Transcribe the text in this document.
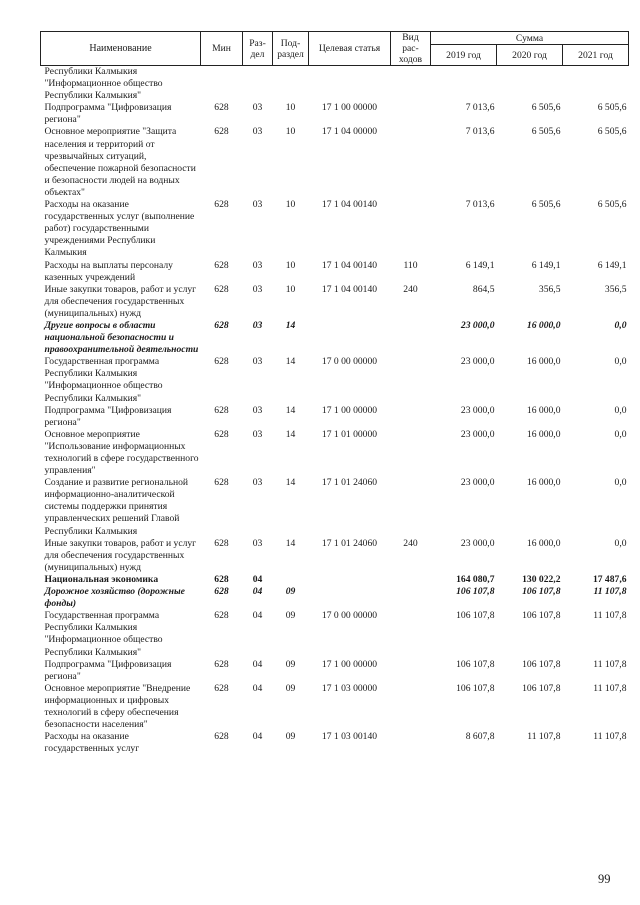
Наименование	Мин	Раз-дел	Под-раздел	Целевая статья	Вид рас-ходов	Сумма		
						2019 год	2020 год	2021 год
Республики Калмыкия "Информационное общество Республики Калмыкия"								
Подпрограмма "Цифровизация региона"	628	03	10	17 1 00 00000		7 013,6	6 505,6	6 505,6
Основное мероприятие "Защита населения и территорий от чрезвычайных ситуаций, обеспечение пожарной безопасности и безопасности людей на водных объектах"	628	03	10	17 1 04 00000		7 013,6	6 505,6	6 505,6
Расходы на оказание государственных услуг (выполнение работ) государственными учреждениями Республики Калмыкия	628	03	10	17 1 04 00140		7 013,6	6 505,6	6 505,6
Расходы на выплаты персоналу казенных учреждений	628	03	10	17 1 04 00140	110	6 149,1	6 149,1	6 149,1
Иные закупки товаров, работ и услуг для обеспечения государственных (муниципальных) нужд	628	03	10	17 1 04 00140	240	864,5	356,5	356,5
Другие вопросы в области национальной безопасности и правоохранительной деятельности	628	03	14			23 000,0	16 000,0	0,0
Государственная программа Республики Калмыкия "Информационное общество Республики Калмыкия"	628	03	14	17 0 00 00000		23 000,0	16 000,0	0,0
Подпрограмма "Цифровизация региона"	628	03	14	17 1 00 00000		23 000,0	16 000,0	0,0
Основное мероприятие "Использование информационных технологий в сфере государственного управления"	628	03	14	17 1 01 00000		23 000,0	16 000,0	0,0
Создание и развитие региональной информационно-аналитической системы поддержки принятия управленческих решений Главой Республики Калмыкия	628	03	14	17 1 01 24060		23 000,0	16 000,0	0,0
Иные закупки товаров, работ и услуг для обеспечения государственных (муниципальных) нужд	628	03	14	17 1 01 24060	240	23 000,0	16 000,0	0,0
Национальная экономика	628	04				164 080,7	130 022,2	17 487,6
Дорожное хозяйство (дорожные фонды)	628	04	09			106 107,8	106 107,8	11 107,8
Государственная программа Республики Калмыкия "Информационное общество Республики Калмыкия"	628	04	09	17 0 00 00000		106 107,8	106 107,8	11 107,8
Подпрограмма "Цифровизация региона"	628	04	09	17 1 00 00000		106 107,8	106 107,8	11 107,8
Основное мероприятие "Внедрение информационных и цифровых технологий в сферу обеспечения безопасности населения"	628	04	09	17 1 03 00000		106 107,8	106 107,8	11 107,8
Расходы на оказание государственных услуг	628	04	09	17 1 03 00140		8 607,8	11 107,8	11 107,8
99
